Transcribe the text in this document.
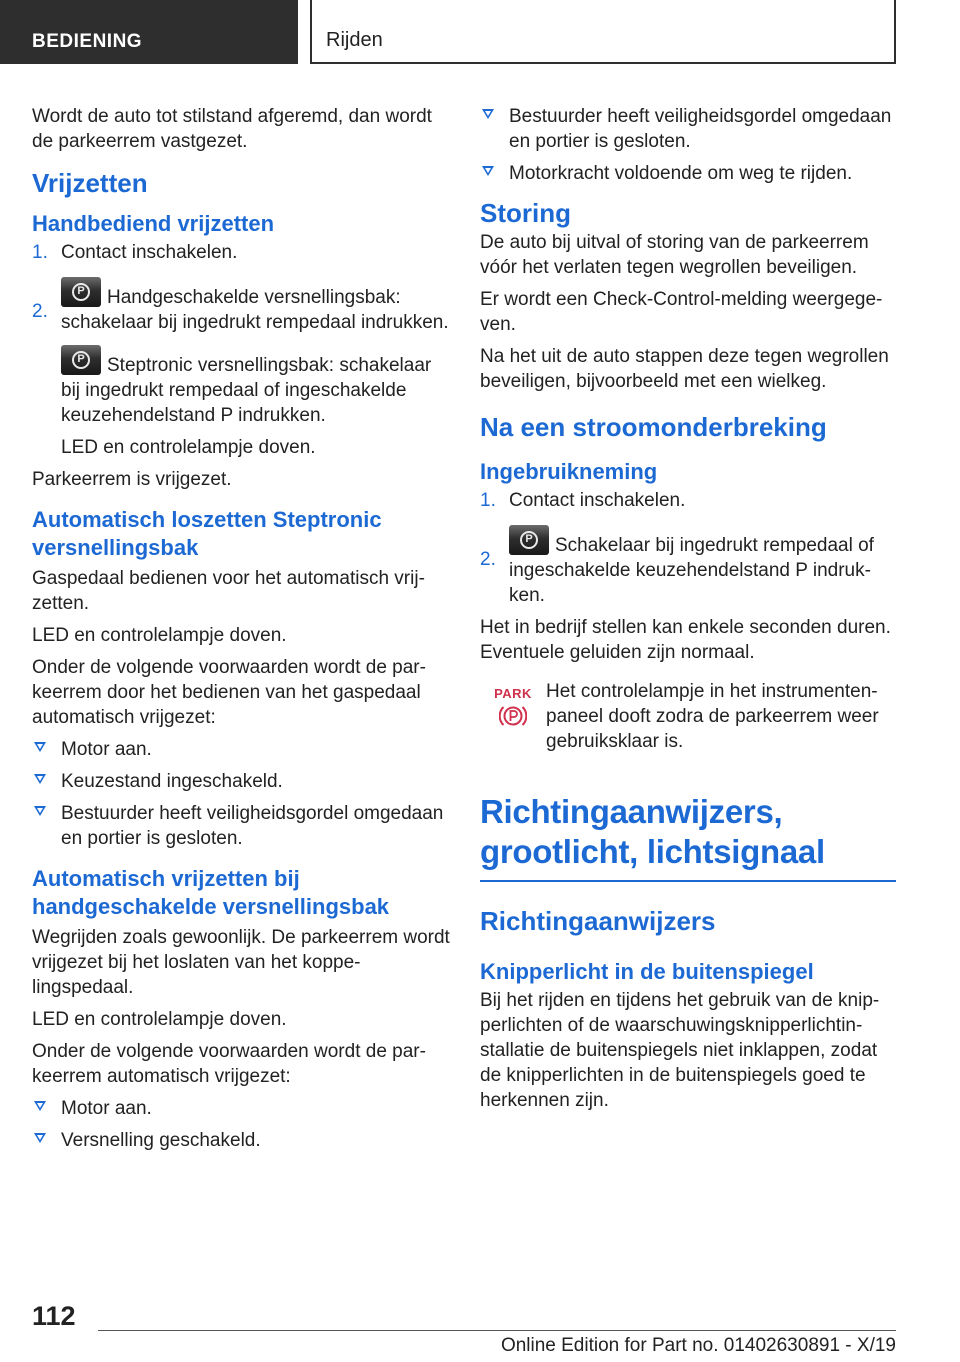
BEDIENING	Rijden

Wordt de auto tot stilstand afgeremd, dan wordt de parkeerrem vastgezet.

Vrijzetten
Handbediend vrijzetten
1. Contact inschakelen.
2.
PHandgeschakelde versnellingsbak: schakelaar bij ingedrukt rempedaal indrukken.
PSteptronic versnellingsbak: schakelaar bij ingedrukt rempedaal of ingeschakelde keuzehendelstand P indrukken.
LED en controlelampje doven.

Parkeerrem is vrijgezet.

Automatisch loszetten Steptronic versnellingsbak

Gaspedaal bedienen voor het automatisch vrijzetten.

LED en controlelampje doven.

Onder de volgende voorwaarden wordt de parkeerrem door het bedienen van het gaspedaal automatisch vrijgezet:

Motor aan.
Keuzestand ingeschakeld.
Bestuurder heeft veiligheidsgordel omgedaan en portier is gesloten.
Automatisch vrijzetten bij handgeschakelde versnellingsbak

Wegrijden zoals gewoonlijk. De parkeerrem wordt vrijgezet bij het loslaten van het koppelingspedaal.

LED en controlelampje doven.

Onder de volgende voorwaarden wordt de parkeerrem automatisch vrijgezet:

Motor aan.
Versnelling geschakeld.
Bestuurder heeft veiligheidsgordel omgedaan en portier is gesloten.
Motorkracht voldoende om weg te rijden.
Storing

De auto bij uitval of storing van de parkeerrem vóór het verlaten tegen wegrollen beveiligen.

Er wordt een Check-Control-melding weergegeven.

Na het uit de auto stappen deze tegen wegrollen beveiligen, bijvoorbeeld met een wielkeg.

Na een stroomonderbreking
Ingebruikneming
1. Contact inschakelen.
2.
PSchakelaar bij ingedrukt rempedaal of ingeschakelde keuzehendelstand P indrukken.

Het in bedrijf stellen kan enkele seconden duren. Eventuele geluiden zijn normaal.

PARK Het controlelampje in het instrumentenpaneel dooft zodra de parkeerrem weer gebruiksklaar is.
Richtingaanwijzers, grootlicht, lichtsignaal
Richtingaanwijzers
Knipperlicht in de buitenspiegel

Bij het rijden en tijdens het gebruik van de knipperlichten of de waarschuwingsknipperlichtinstallatie de buitenspiegels niet inklappen, zodat de knipperlichten in de buitenspiegels goed te herkennen zijn.

112
Online Edition for Part no. 01402630891 - X/19
